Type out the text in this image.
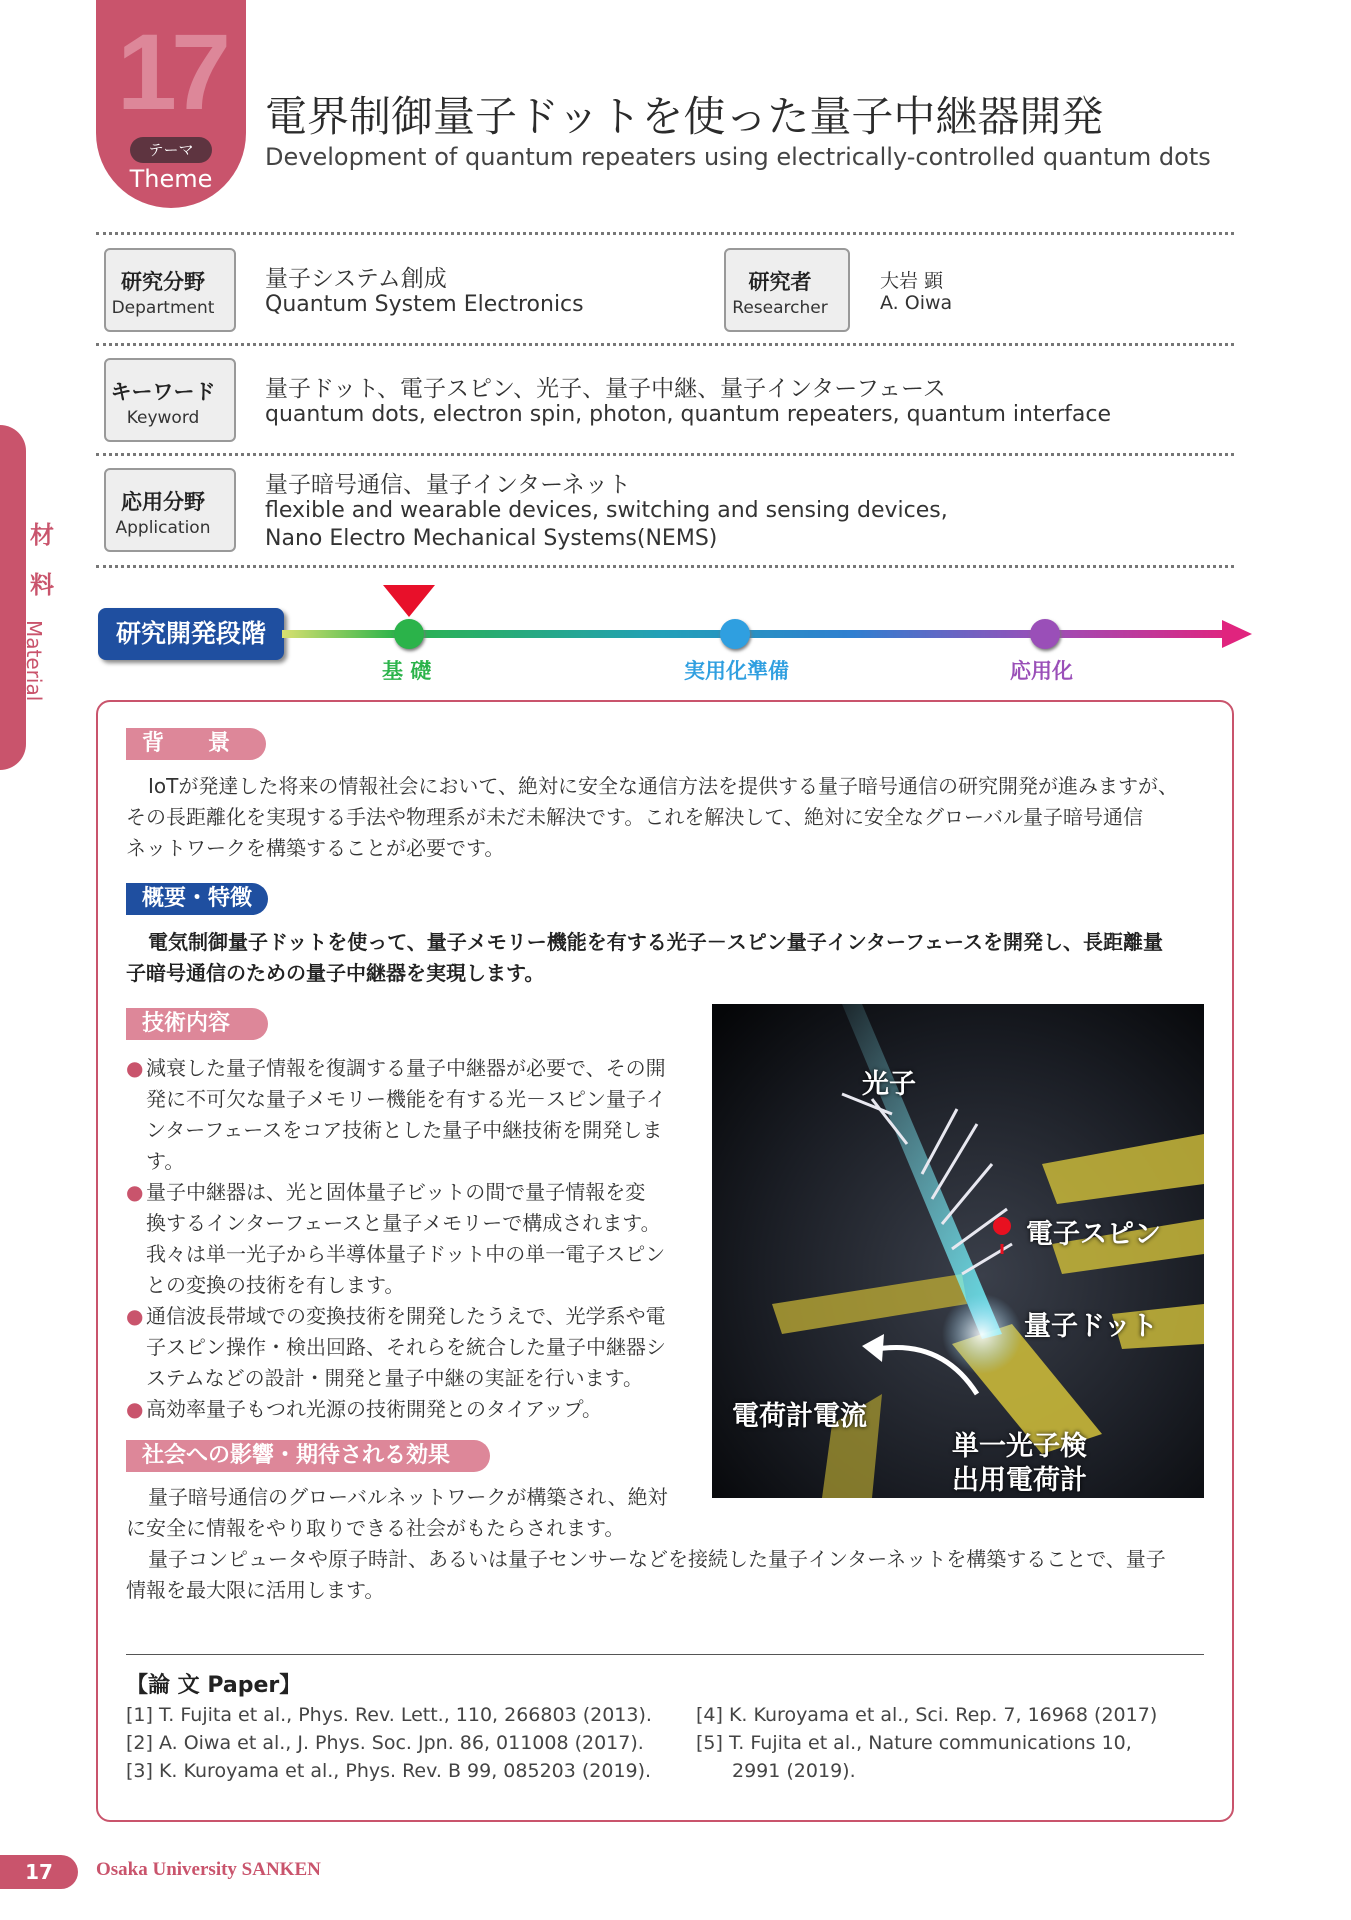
17
テーマ
Theme
電界制御量子ドットを使った量子中継器開発
Development of quantum repeaters using electrically-controlled quantum dots
研究分野
Department
量子システム創成
Quantum System Electronics
研究者
Researcher
大岩 顕
A. Oiwa
キーワード
Keyword
量子ドット、電子スピン、光子、量子中継、量子インターフェース
quantum dots, electron spin, photon, quantum repeaters, quantum interface
応用分野
Application
量子暗号通信、量子インターネット
flexible and wearable devices, switching and sensing devices,
Nano Electro Mechanical Systems(NEMS)
材
料
Material	研究開発段階
基 礎	実用化準備	応用化
背　　景
IoTが発達した将来の情報社会において、絶対に安全な通信方法を提供する量子暗号通信の研究開発が進みますが、
その長距離化を実現する手法や物理系が未だ未解決です。これを解決して、絶対に安全なグローバル量子暗号通信
ネットワークを構築することが必要です。
概要・特徴
電気制御量子ドットを使って、量子メモリー機能を有する光子－スピン量子インターフェースを開発し、長距離量
子暗号通信のための量子中継器を実現します。
技術内容
● 減衰した量子情報を復調する量子中継器が必要で、その開
発に不可欠な量子メモリー機能を有する光－スピン量子イ
ンターフェースをコア技術とした量子中継技術を開発しま
す。
● 量子中継器は、光と固体量子ビットの間で量子情報を変
換するインターフェースと量子メモリーで構成されます。
我々は単一光子から半導体量子ドット中の単一電子スピン
との変換の技術を有します。
● 通信波長帯域での変換技術を開発したうえで、光学系や電
子スピン操作・検出回路、それらを統合した量子中継器シ
ステムなどの設計・開発と量子中継の実証を行います。
● 高効率量子もつれ光源の技術開発とのタイアップ。
光子
電子スピン
量子ドット
電荷計電流
単一光子検
出用電荷計
社会への影響・期待される効果
量子暗号通信のグローバルネットワークが構築され、絶対
に安全に情報をやり取りできる社会がもたらされます。
量子コンピュータや原子時計、あるいは量子センサーなどを接続した量子インターネットを構築することで、量子
情報を最大限に活用します。
【論 文 Paper】
[1] T. Fujita et al., Phys. Rev. Lett., 110, 266803 (2013).
[2] A. Oiwa et al., J. Phys. Soc. Jpn. 86, 011008 (2017).
[3] K. Kuroyama et al., Phys. Rev. B 99, 085203 (2019).
[4] K. Kuroyama et al., Sci. Rep. 7, 16968 (2017)
[5] T. Fujita et al., Nature communications 10,
2991 (2019).
17	Osaka University SANKEN
